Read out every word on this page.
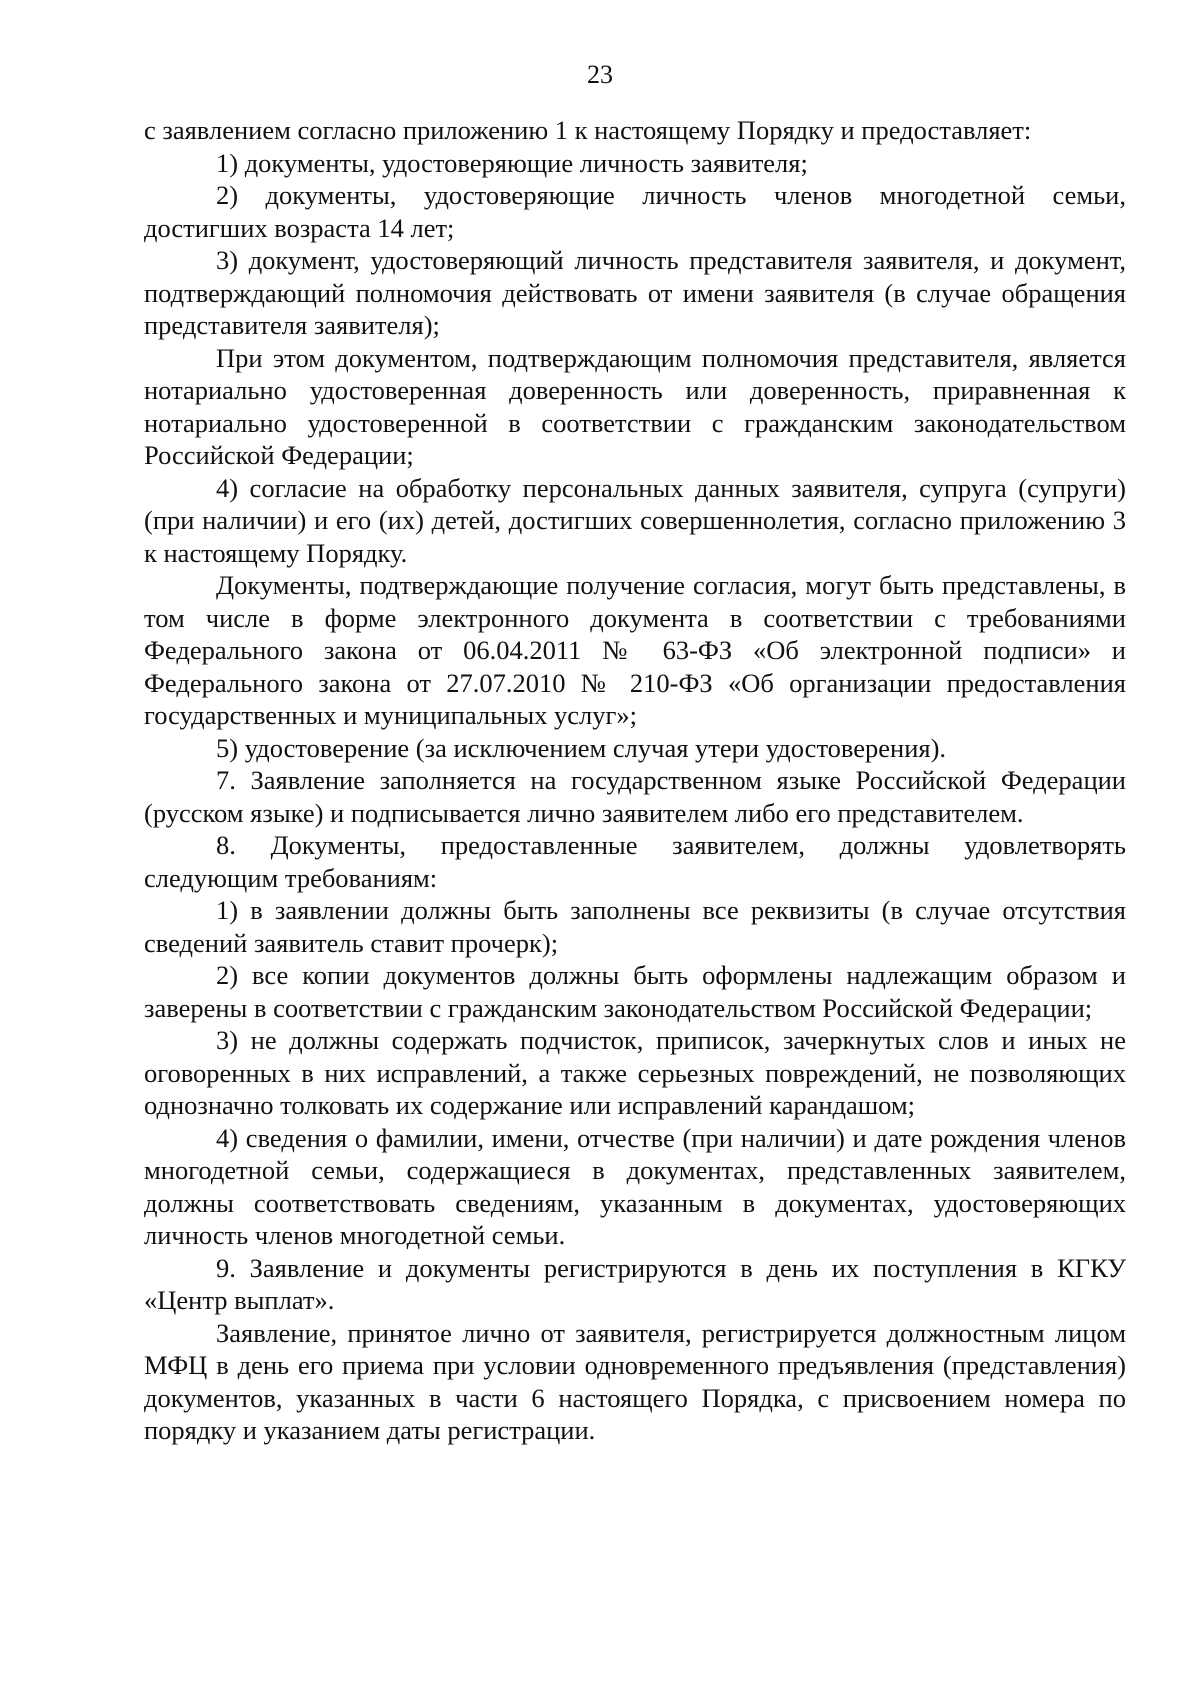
23

с заявлением согласно приложению 1 к настоящему Порядку и предоставляет:

1) документы, удостоверяющие личность заявителя;

2) документы, удостоверяющие личность членов многодетной семьи, достигших возраста 14 лет;

3) документ, удостоверяющий личность представителя заявителя, и документ, подтверждающий полномочия действовать от имени заявителя (в случае обращения представителя заявителя);

При этом документом, подтверждающим полномочия представителя, является нотариально удостоверенная доверенность или доверенность, приравненная к нотариально удостоверенной в соответствии с гражданским законодательством Российской Федерации;

4) согласие на обработку персональных данных заявителя, супруга (супруги) (при наличии) и его (их) детей, достигших совершеннолетия, согласно приложению 3 к настоящему Порядку.

Документы, подтверждающие получение согласия, могут быть представлены, в том числе в форме электронного документа в соответствии с требованиями Федерального закона от 06.04.2011 № 63-ФЗ «Об электронной подписи» и Федерального закона от 27.07.2010 № 210-ФЗ «Об организации предоставления государственных и муниципальных услуг»;

5) удостоверение (за исключением случая утери удостоверения).

7. Заявление заполняется на государственном языке Российской Федерации (русском языке) и подписывается лично заявителем либо его представителем.

8. Документы, предоставленные заявителем, должны удовлетворять следующим требованиям:

1) в заявлении должны быть заполнены все реквизиты (в случае отсутствия сведений заявитель ставит прочерк);

2) все копии документов должны быть оформлены надлежащим образом и заверены в соответствии с гражданским законодательством Российской Федерации;

3) не должны содержать подчисток, приписок, зачеркнутых слов и иных не оговоренных в них исправлений, а также серьезных повреждений, не позволяющих однозначно толковать их содержание или исправлений карандашом;

4) сведения о фамилии, имени, отчестве (при наличии) и дате рождения членов многодетной семьи, содержащиеся в документах, представленных заявителем, должны соответствовать сведениям, указанным в документах, удостоверяющих личность членов многодетной семьи.

9. Заявление и документы регистрируются в день их поступления в КГКУ «Центр выплат».

Заявление, принятое лично от заявителя, регистрируется должностным лицом МФЦ в день его приема при условии одновременного предъявления (представления) документов, указанных в части 6 настоящего Порядка, с присвоением номера по порядку и указанием даты регистрации.
